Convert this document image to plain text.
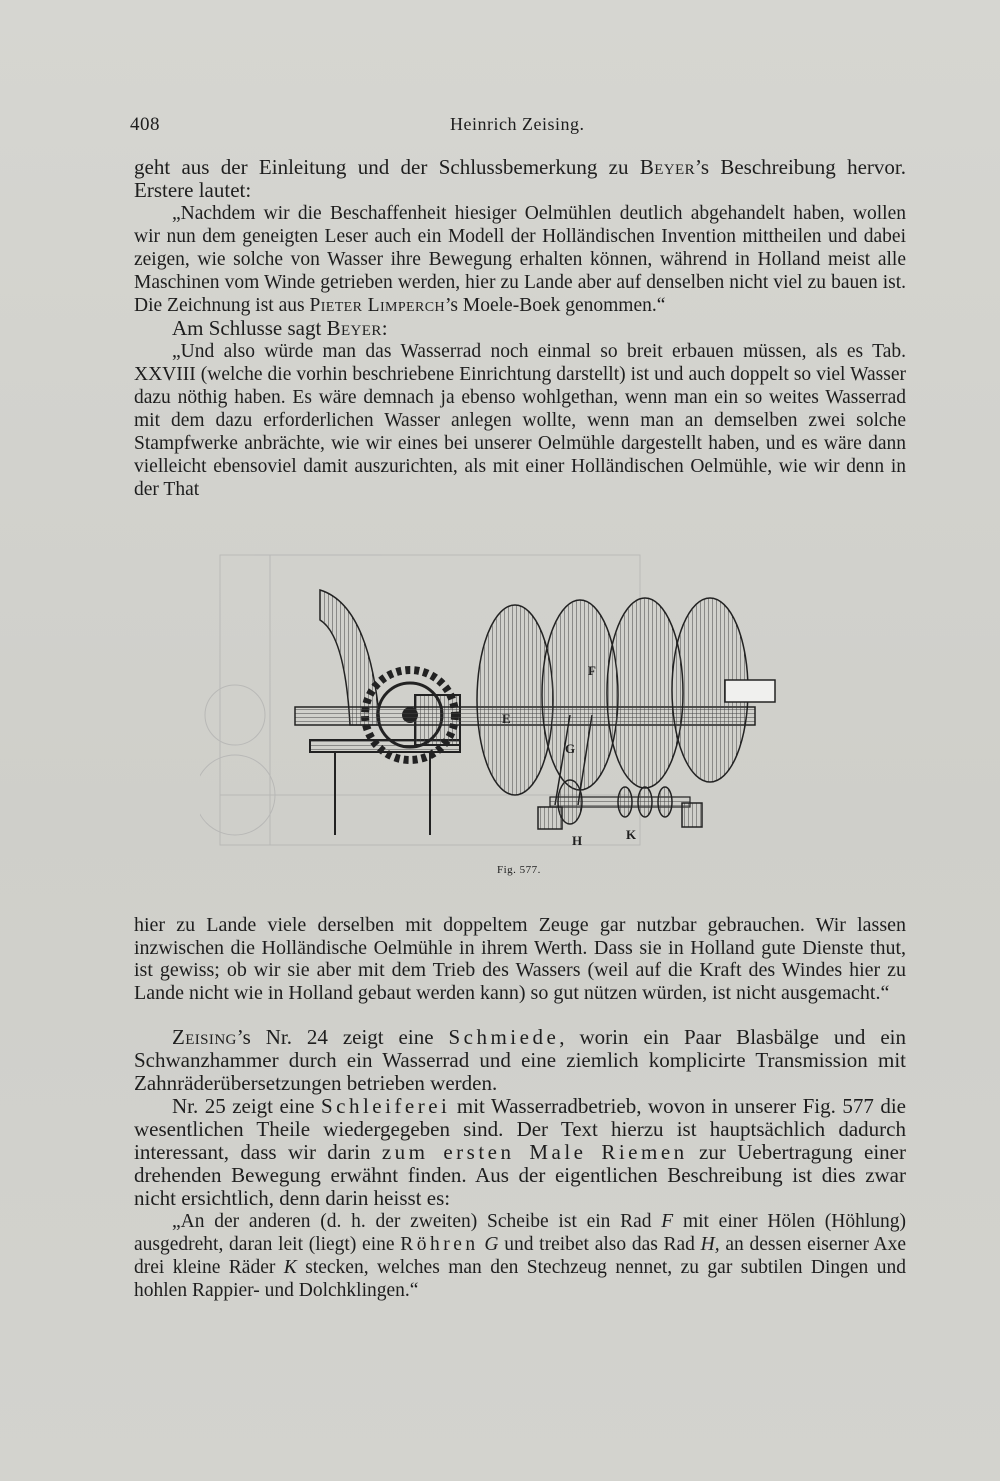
408	Heinrich Zeising.

geht aus der Einleitung und der Schlussbemerkung zu Beyer’s Beschreibung hervor. Erstere lautet:

„Nachdem wir die Beschaffenheit hiesiger Oelmühlen deutlich abgehandelt haben, wollen wir nun dem geneigten Leser auch ein Modell der Holländischen Invention mittheilen und dabei zeigen, wie solche von Wasser ihre Bewegung erhalten können, während in Holland meist alle Maschinen vom Winde getrieben werden, hier zu Lande aber auf denselben nicht viel zu bauen ist. Die Zeichnung ist aus Pieter Limperch’s Moele-Boek genommen.“

Am Schlusse sagt Beyer:

„Und also würde man das Wasserrad noch einmal so breit erbauen müssen, als es Tab. XXVIII (welche die vorhin beschriebene Einrichtung darstellt) ist und auch doppelt so viel Wasser dazu nöthig haben. Es wäre demnach ja ebenso wohlgethan, wenn man ein so weites Wasserrad mit dem dazu erforderlichen Wasser anlegen wollte, wenn man an demselben zwei solche Stampfwerke anbrächte, wie wir eines bei unserer Oelmühle dargestellt haben, und es wäre dann vielleicht ebensoviel damit auszurichten, als mit einer Holländischen Oelmühle, wie wir denn in der That

E
F
G
H	K
Fig. 577.

hier zu Lande viele derselben mit doppeltem Zeuge gar nutzbar gebrauchen. Wir lassen inzwischen die Holländische Oelmühle in ihrem Werth. Dass sie in Holland gute Dienste thut, ist gewiss; ob wir sie aber mit dem Trieb des Wassers (weil auf die Kraft des Windes hier zu Lande nicht wie in Holland gebaut werden kann) so gut nützen würden, ist nicht ausgemacht.“

Zeising’s Nr. 24 zeigt eine Schmiede, worin ein Paar Blasbälge und ein Schwanzhammer durch ein Wasserrad und eine ziemlich komplicirte Transmission mit Zahnräderübersetzungen betrieben werden.

Nr. 25 zeigt eine Schleiferei mit Wasserradbetrieb, wovon in unserer Fig. 577 die wesentlichen Theile wiedergegeben sind. Der Text hierzu ist hauptsächlich dadurch interessant, dass wir darin zum ersten Male Riemen zur Uebertragung einer drehenden Bewegung erwähnt finden. Aus der eigentlichen Beschreibung ist dies zwar nicht ersichtlich, denn darin heisst es:

„An der anderen (d. h. der zweiten) Scheibe ist ein Rad F mit einer Hölen (Höhlung) ausgedreht, daran leit (liegt) eine Röhren G und treibet also das Rad H, an dessen eiserner Axe drei kleine Räder K stecken, welches man den Stechzeug nennet, zu gar subtilen Dingen und hohlen Rappier- und Dolchklingen.“
